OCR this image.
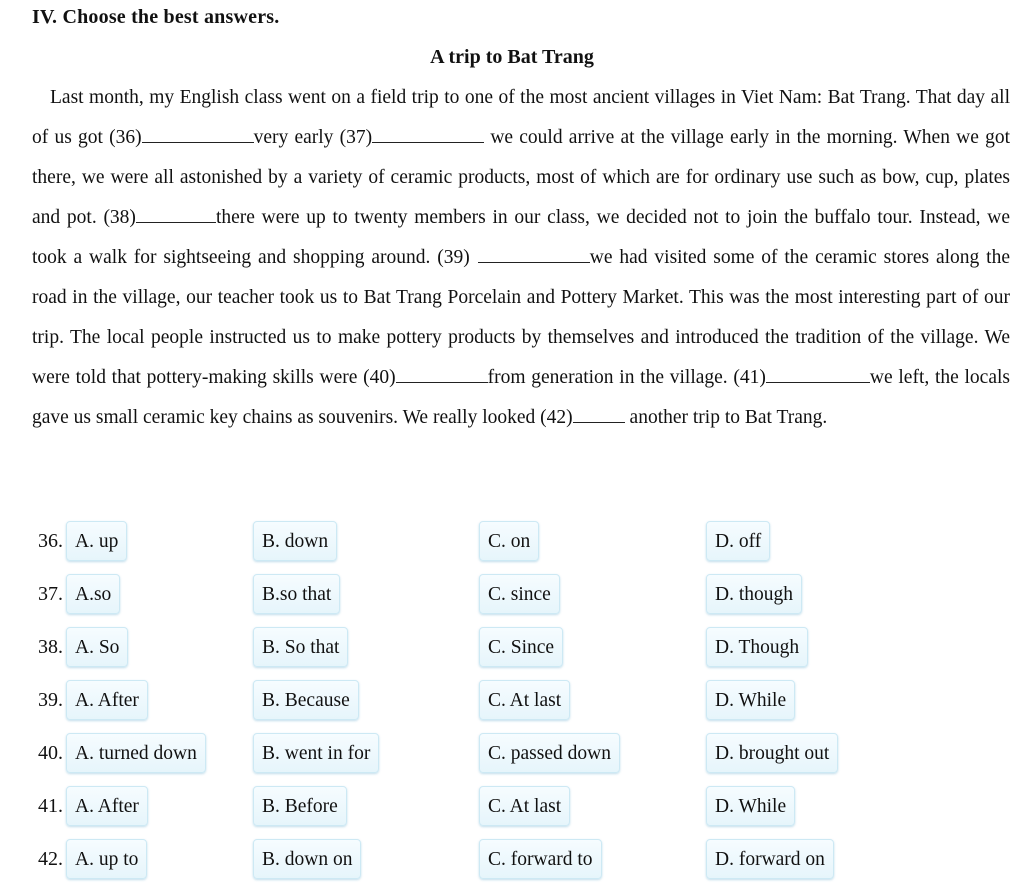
IV. Choose the best answers.
A trip to Bat Trang
Last month, my English class went on a field trip to one of the most ancient villages in Viet Nam: Bat Trang. That day all of us got (36)	very early (37)	we could arrive at the village early in the morning. When we got there, we were all astonished by a variety of ceramic products, most of which are for ordinary use such as bow, cup, plates and pot. (38)	there were up to twenty members in our class, we decided not to join the buffalo tour. Instead, we took a walk for sightseeing and shopping around. (39)	we had visited some of the ceramic stores along the road in the village, our teacher took us to Bat Trang Porcelain and Pottery Market. This was the most interesting part of our trip. The local people instructed us to make pottery products by themselves and introduced the tradition of the village. We were told that pottery-making skills were (40)	from generation in the village. (41)	we left, the locals gave us small ceramic key chains as souvenirs. We really looked (42)	another trip to Bat Trang.
36. A. up	B. down	C. on	D. off
37. A.so	B.so that	C. since	D. though
38. A. So	B. So that	C. Since	D. Though
39. A. After	B. Because	C. At last	D. While
40. A. turned down	B. went in for	C. passed down	D. brought out
41. A. After	B. Before	C. At last	D. While
42. A. up to	B. down on	C. forward to	D. forward on
